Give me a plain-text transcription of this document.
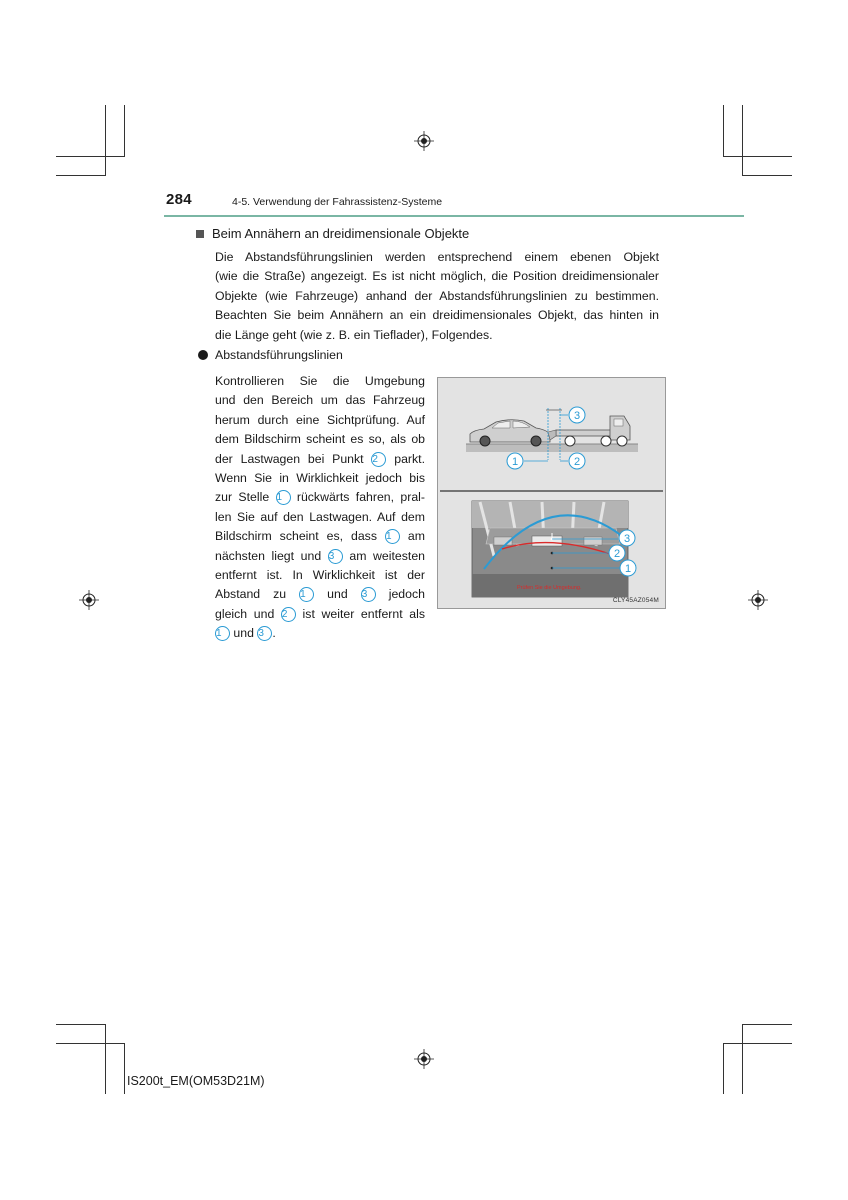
284	4-5. Verwendung der Fahrassistenz-Systeme
Beim Annähern an dreidimensionale Objekte
Die Abstandsführungslinien werden entsprechend einem ebenen Objekt
(wie die Straße) angezeigt. Es ist nicht möglich, die Position dreidimensionaler
Objekte (wie Fahrzeuge) anhand der Abstandsführungslinien zu bestimmen.
Beachten Sie beim Annähern an ein dreidimensionales Objekt, das hinten in
die Länge geht (wie z. B. ein Tieflader), Folgendes.
Abstandsführungslinien
Kontrollieren Sie die Umgebung
und den Bereich um das Fahrzeug
herum durch eine Sichtprüfung. Auf
dem Bildschirm scheint es so, als ob
der Lastwagen bei Punkt 2 parkt.
Wenn Sie in Wirklichkeit jedoch bis
zur Stelle 1 rückwärts fahren, pral-
len Sie auf den Lastwagen. Auf dem
Bildschirm scheint es, dass 1 am
nächsten liegt und 3 am weitesten
entfernt ist. In Wirklichkeit ist der
Abstand zu 1 und 3 jedoch
gleich und 2 ist weiter entfernt als
1 und 3 .
3
1	2
Prüfen Sie die Umgebung.
3
2
1
CLY45AZ054M
IS200t_EM(OM53D21M)
